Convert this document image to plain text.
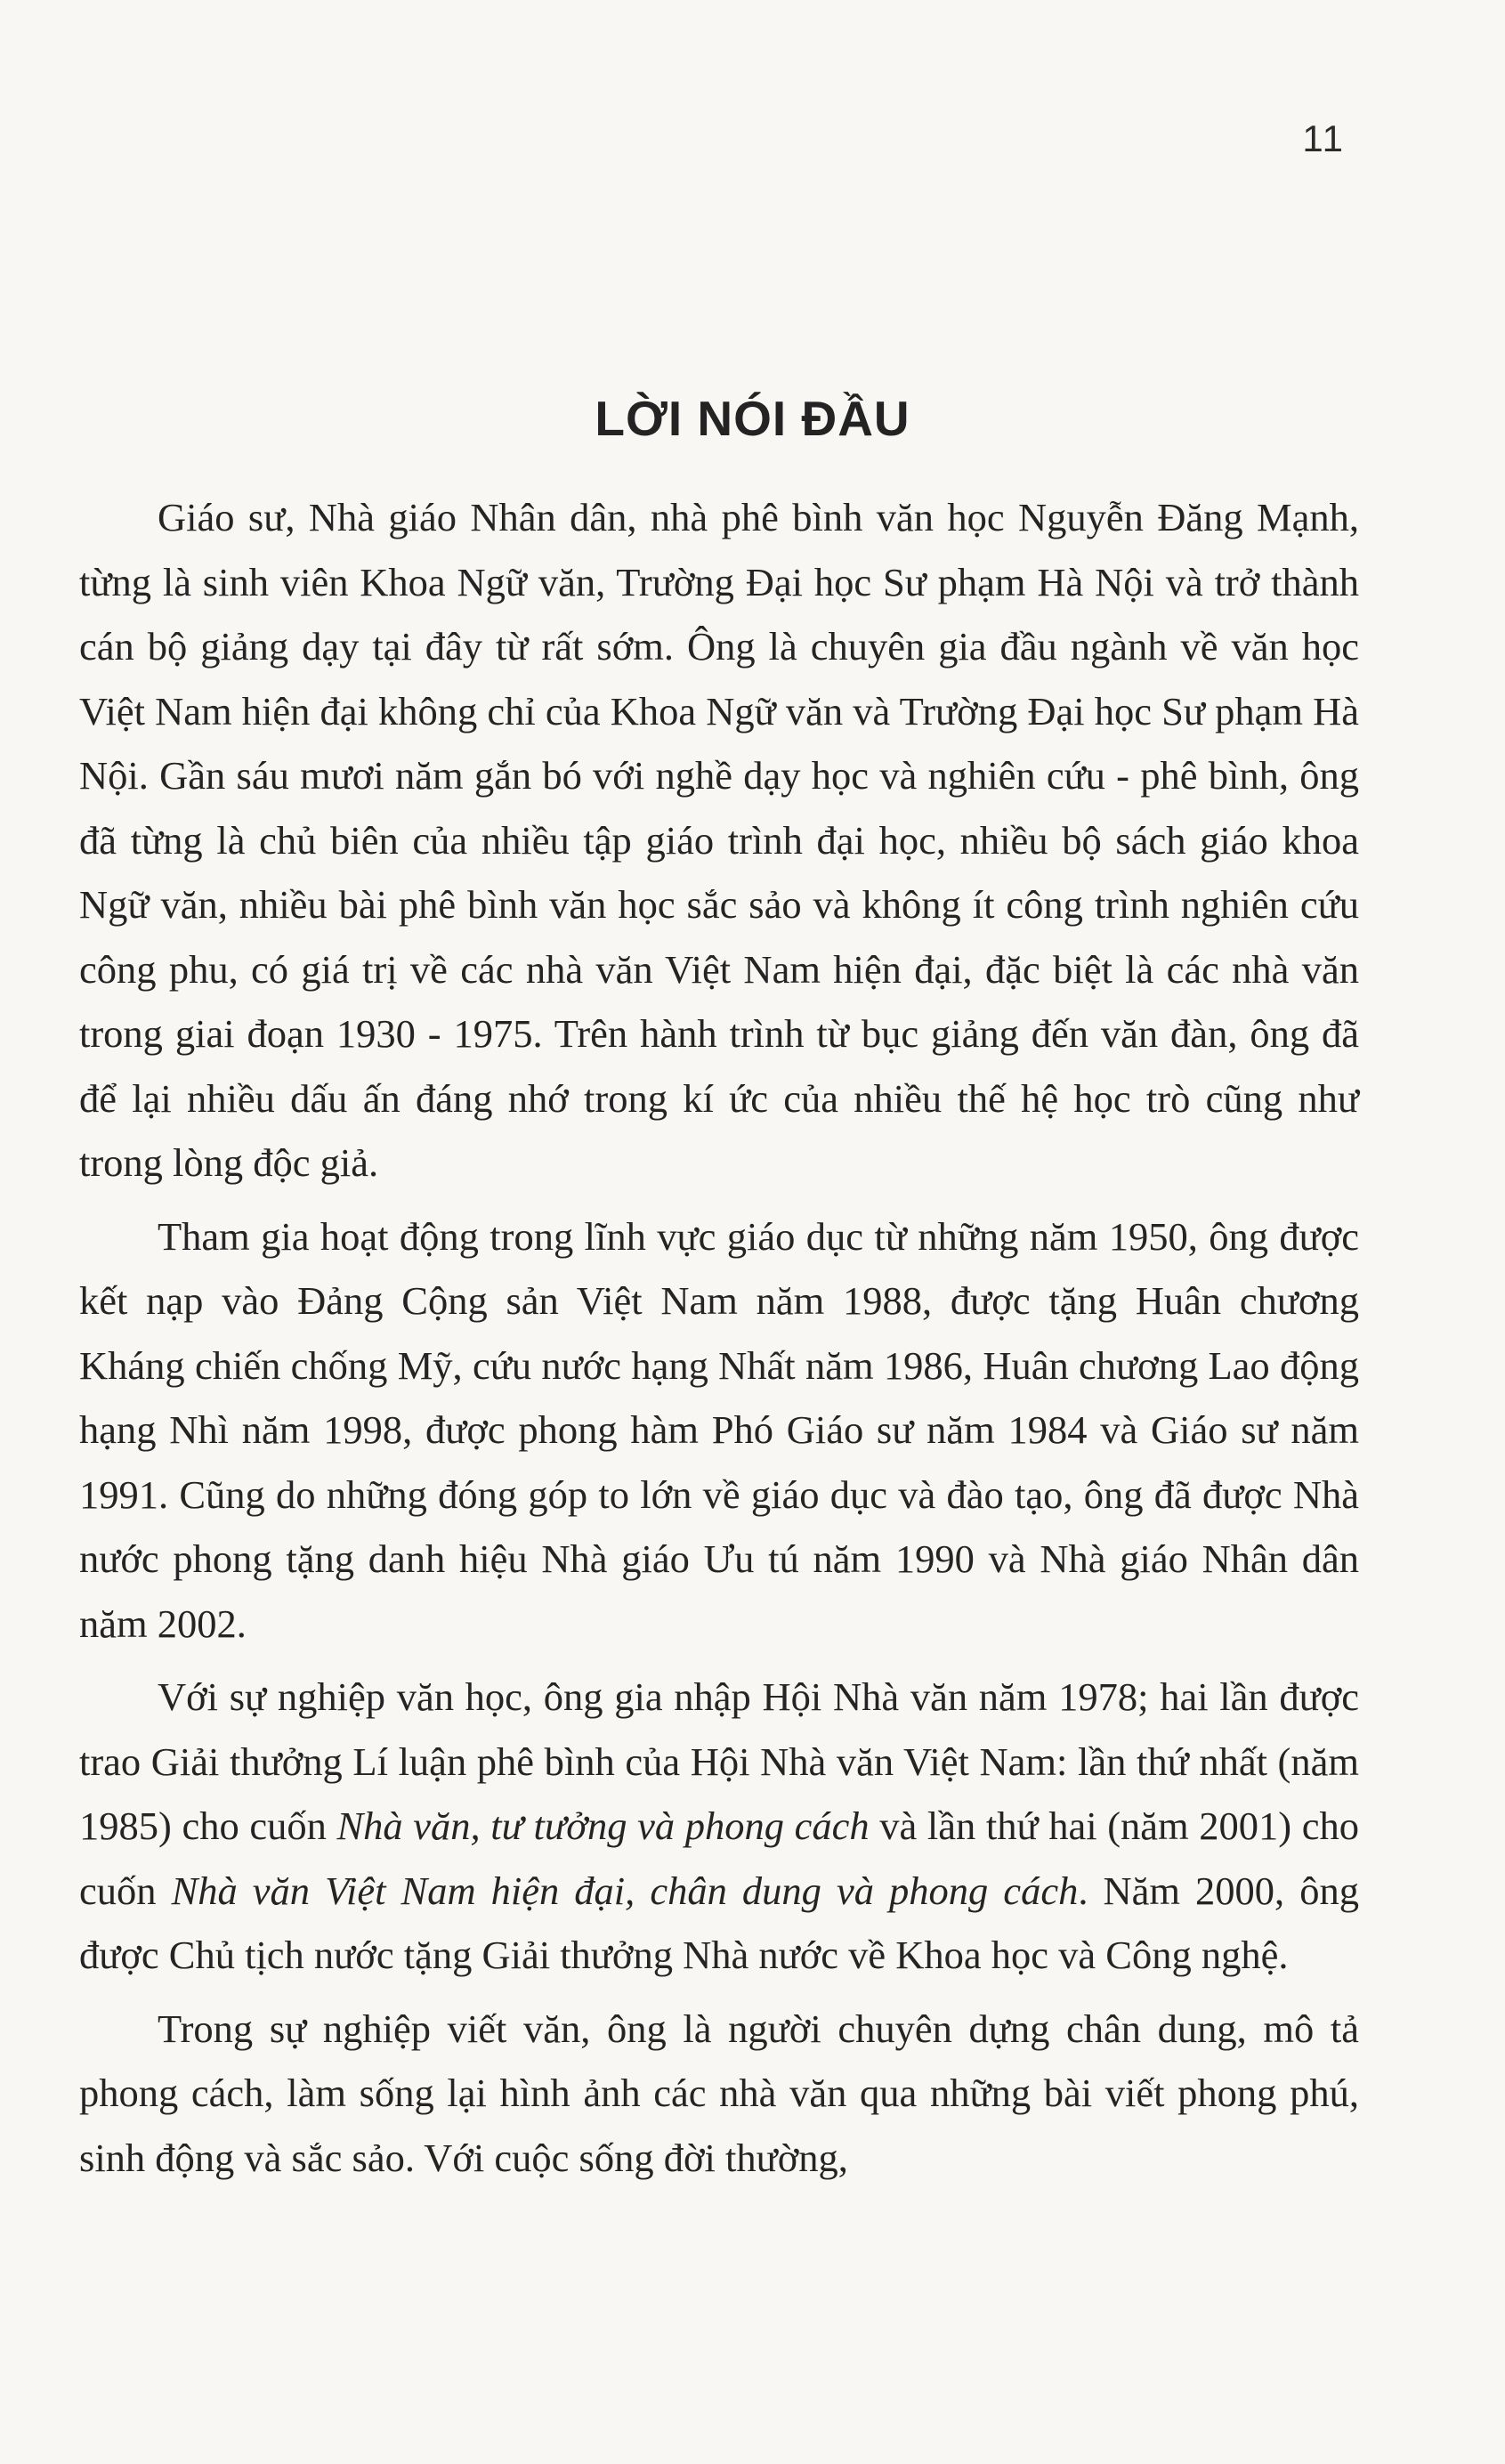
11
LỜI NÓI ĐẦU

Giáo sư, Nhà giáo Nhân dân, nhà phê bình văn học Nguyễn Đăng Mạnh, từng là sinh viên Khoa Ngữ văn, Trường Đại học Sư phạm Hà Nội và trở thành cán bộ giảng dạy tại đây từ rất sớm. Ông là chuyên gia đầu ngành về văn học Việt Nam hiện đại không chỉ của Khoa Ngữ văn và Trường Đại học Sư phạm Hà Nội. Gần sáu mươi năm gắn bó với nghề dạy học và nghiên cứu - phê bình, ông đã từng là chủ biên của nhiều tập giáo trình đại học, nhiều bộ sách giáo khoa Ngữ văn, nhiều bài phê bình văn học sắc sảo và không ít công trình nghiên cứu công phu, có giá trị về các nhà văn Việt Nam hiện đại, đặc biệt là các nhà văn trong giai đoạn 1930 - 1975. Trên hành trình từ bục giảng đến văn đàn, ông đã để lại nhiều dấu ấn đáng nhớ trong kí ức của nhiều thế hệ học trò cũng như trong lòng độc giả.

Tham gia hoạt động trong lĩnh vực giáo dục từ những năm 1950, ông được kết nạp vào Đảng Cộng sản Việt Nam năm 1988, được tặng Huân chương Kháng chiến chống Mỹ, cứu nước hạng Nhất năm 1986, Huân chương Lao động hạng Nhì năm 1998, được phong hàm Phó Giáo sư năm 1984 và Giáo sư năm 1991. Cũng do những đóng góp to lớn về giáo dục và đào tạo, ông đã được Nhà nước phong tặng danh hiệu Nhà giáo Ưu tú năm 1990 và Nhà giáo Nhân dân năm 2002.

Với sự nghiệp văn học, ông gia nhập Hội Nhà văn năm 1978; hai lần được trao Giải thưởng Lí luận phê bình của Hội Nhà văn Việt Nam: lần thứ nhất (năm 1985) cho cuốn Nhà văn, tư tưởng và phong cách và lần thứ hai (năm 2001) cho cuốn Nhà văn Việt Nam hiện đại, chân dung và phong cách. Năm 2000, ông được Chủ tịch nước tặng Giải thưởng Nhà nước về Khoa học và Công nghệ.

Trong sự nghiệp viết văn, ông là người chuyên dựng chân dung, mô tả phong cách, làm sống lại hình ảnh các nhà văn qua những bài viết phong phú, sinh động và sắc sảo. Với cuộc sống đời thường,
